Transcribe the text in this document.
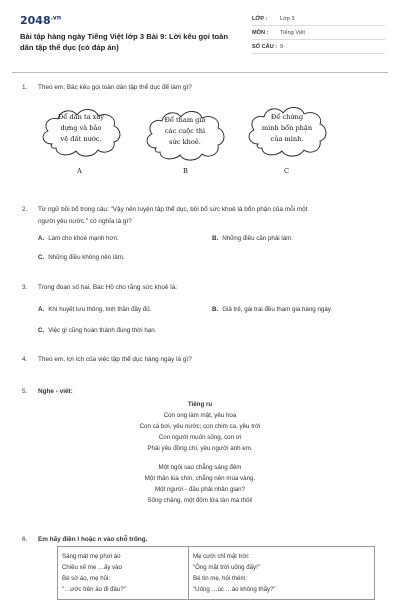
$2048^{.vn}$
Bài tập hàng ngày Tiếng Việt lớp 3 Bài 9: Lời kêu gọi toàn dân tập thể dục (có đáp án)
LỚP :	Lớp 3
MÔN :	Tiếng Việt
SỐ CÂU : 9
1. Theo em, Bác kêu gọi toàn dân tập thể dục để làm gì?
Để dân ta xây
dựng và bảo
vệ đất nước.
A
Để tham gia
các cuộc thi
sức khoẻ.
B
Để chứng
minh bổn phận
của mình.
C
2. Từ ngữ bồi bổ trong câu: "Vậy nên luyện tập thể dục, bồi bổ sức khoẻ là bổn phận của mỗi một
người yêu nước." có nghĩa là gì?
A. Làm cho khoẻ mạnh hơn.	B. Những điều cần phải làm.
C. Những điều không nên làm.
3. Trong đoạn số hai, Bác Hồ cho rằng sức khoẻ là:
A. Khí huyết lưu thông, tinh thần đầy đủ.	B. Giả trẻ, gái trai đều tham gia hàng ngày.
C. Việc gì cũng hoàn thành đúng thời hạn.
4. Theo em, lợi ích của việc tập thể dục hàng ngày là gì?
5. Nghe - viết:
Tiếng ru
Con ong làm mật, yêu hoa
Con cá bơi, yêu nước; con chim ca, yêu trời
Con người muốn sống, con ơi
Phải yêu đồng chí, yêu người anh em.
Một ngôi sao chẳng sáng đêm
Một thân lúa chín, chẳng nên mùa vàng.
Một người - đâu phải nhân gian?
Sống chăng, một đốm lửa tàn mà thôi!
6. Em hãy điền l hoặc n vào chỗ trống.
Sáng mát mẹ phơi áo
Chiều xế mẹ …ấy vào
Bé sờ áo, mẹ hỏi:
"…ước trên áo đi đâu?"
Mẹ cười chỉ mặt trời:
"Ông mặt trời uống đấy!"
Bé tin mẹ, hỏi thêm:
"Uống …úc …ào không thấy?"
